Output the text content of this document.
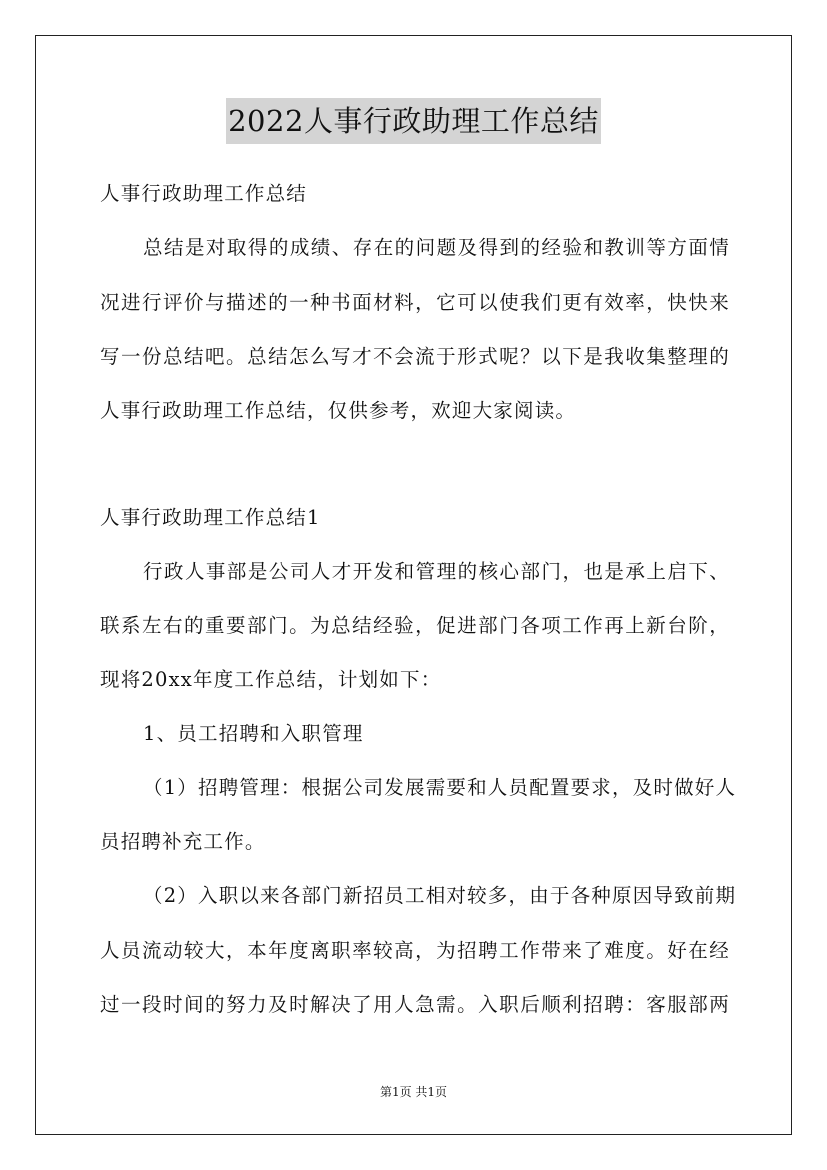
2022人事行政助理工作总结
人事行政助理工作总结
总结是对取得的成绩、存在的问题及得到的经验和教训等方面情
况进行评价与描述的一种书面材料，它可以使我们更有效率，快快来
写一份总结吧。总结怎么写才不会流于形式呢？以下是我收集整理的
人事行政助理工作总结，仅供参考，欢迎大家阅读。
人事行政助理工作总结1
行政人事部是公司人才开发和管理的核心部门，也是承上启下、
联系左右的重要部门。为总结经验，促进部门各项工作再上新台阶，
现将20xx年度工作总结，计划如下：
1、员工招聘和入职管理
（1）招聘管理：根据公司发展需要和人员配置要求，及时做好人
员招聘补充工作。
（2）入职以来各部门新招员工相对较多，由于各种原因导致前期
人员流动较大，本年度离职率较高，为招聘工作带来了难度。好在经
过一段时间的努力及时解决了用人急需。入职后顺利招聘：客服部两
第1页 共1页
